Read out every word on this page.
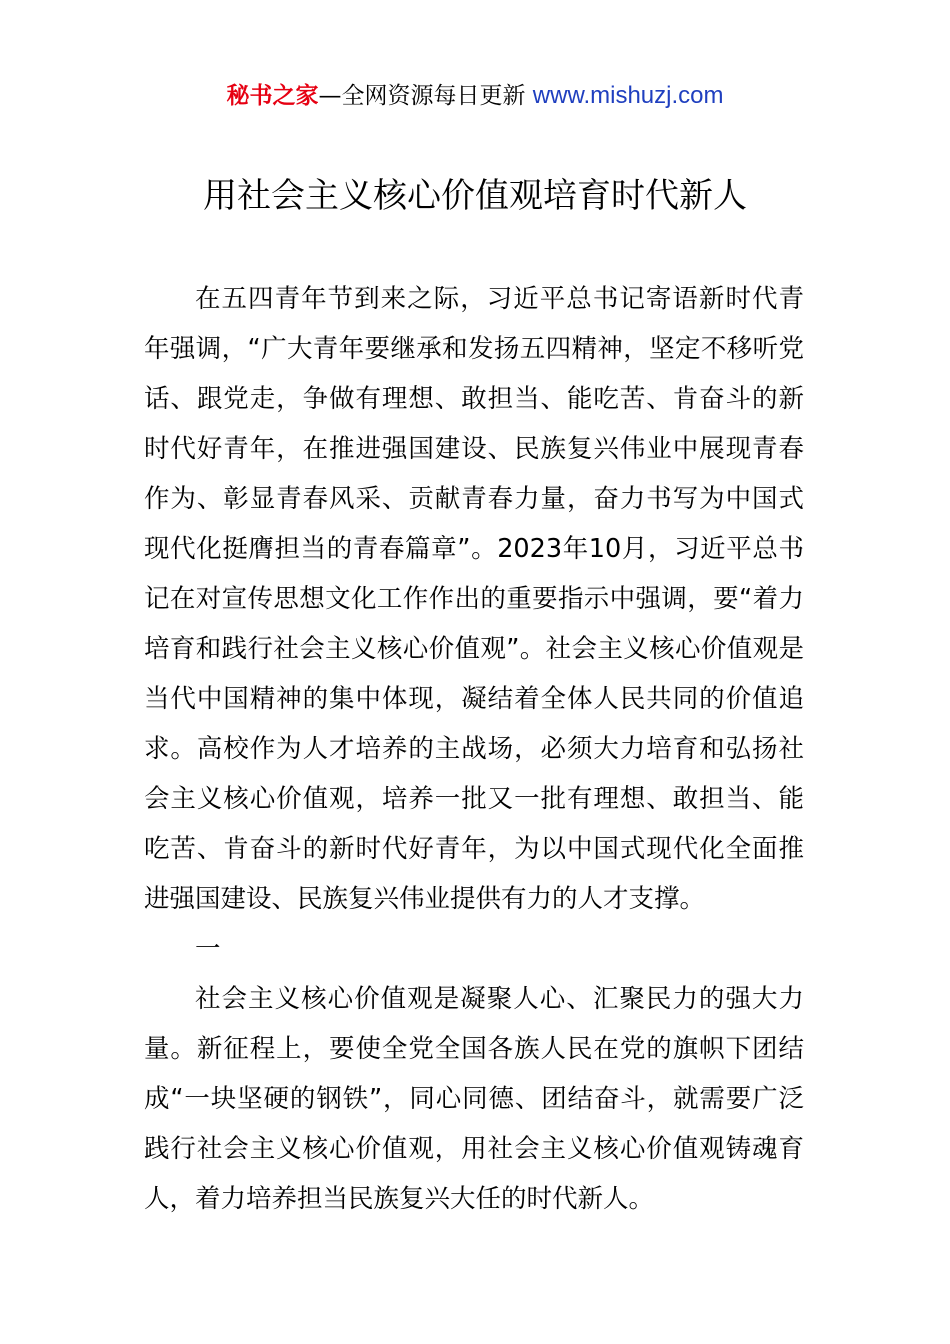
秘书之家—全网资源每日更新 www.mishuzj.com
用社会主义核心价值观培育时代新人

在五四青年节到来之际，习近平总书记寄语新时代青年强调，“广大青年要继承和发扬五四精神，坚定不移听党话、跟党走，争做有理想、敢担当、能吃苦、肯奋斗的新时代好青年，在推进强国建设、民族复兴伟业中展现青春作为、彰显青春风采、贡献青春力量，奋力书写为中国式现代化挺膺担当的青春篇章”。2023年10月，习近平总书记在对宣传思想文化工作作出的重要指示中强调，要“着力培育和践行社会主义核心价值观”。社会主义核心价值观是当代中国精神的集中体现，凝结着全体人民共同的价值追求。高校作为人才培养的主战场，必须大力培育和弘扬社会主义核心价值观，培养一批又一批有理想、敢担当、能吃苦、肯奋斗的新时代好青年，为以中国式现代化全面推进强国建设、民族复兴伟业提供有力的人才支撑。

一

社会主义核心价值观是凝聚人心、汇聚民力的强大力量。新征程上，要使全党全国各族人民在党的旗帜下团结成“一块坚硬的钢铁”，同心同德、团结奋斗，就需要广泛践行社会主义核心价值观，用社会主义核心价值观铸魂育人，着力培养担当民族复兴大任的时代新人。
